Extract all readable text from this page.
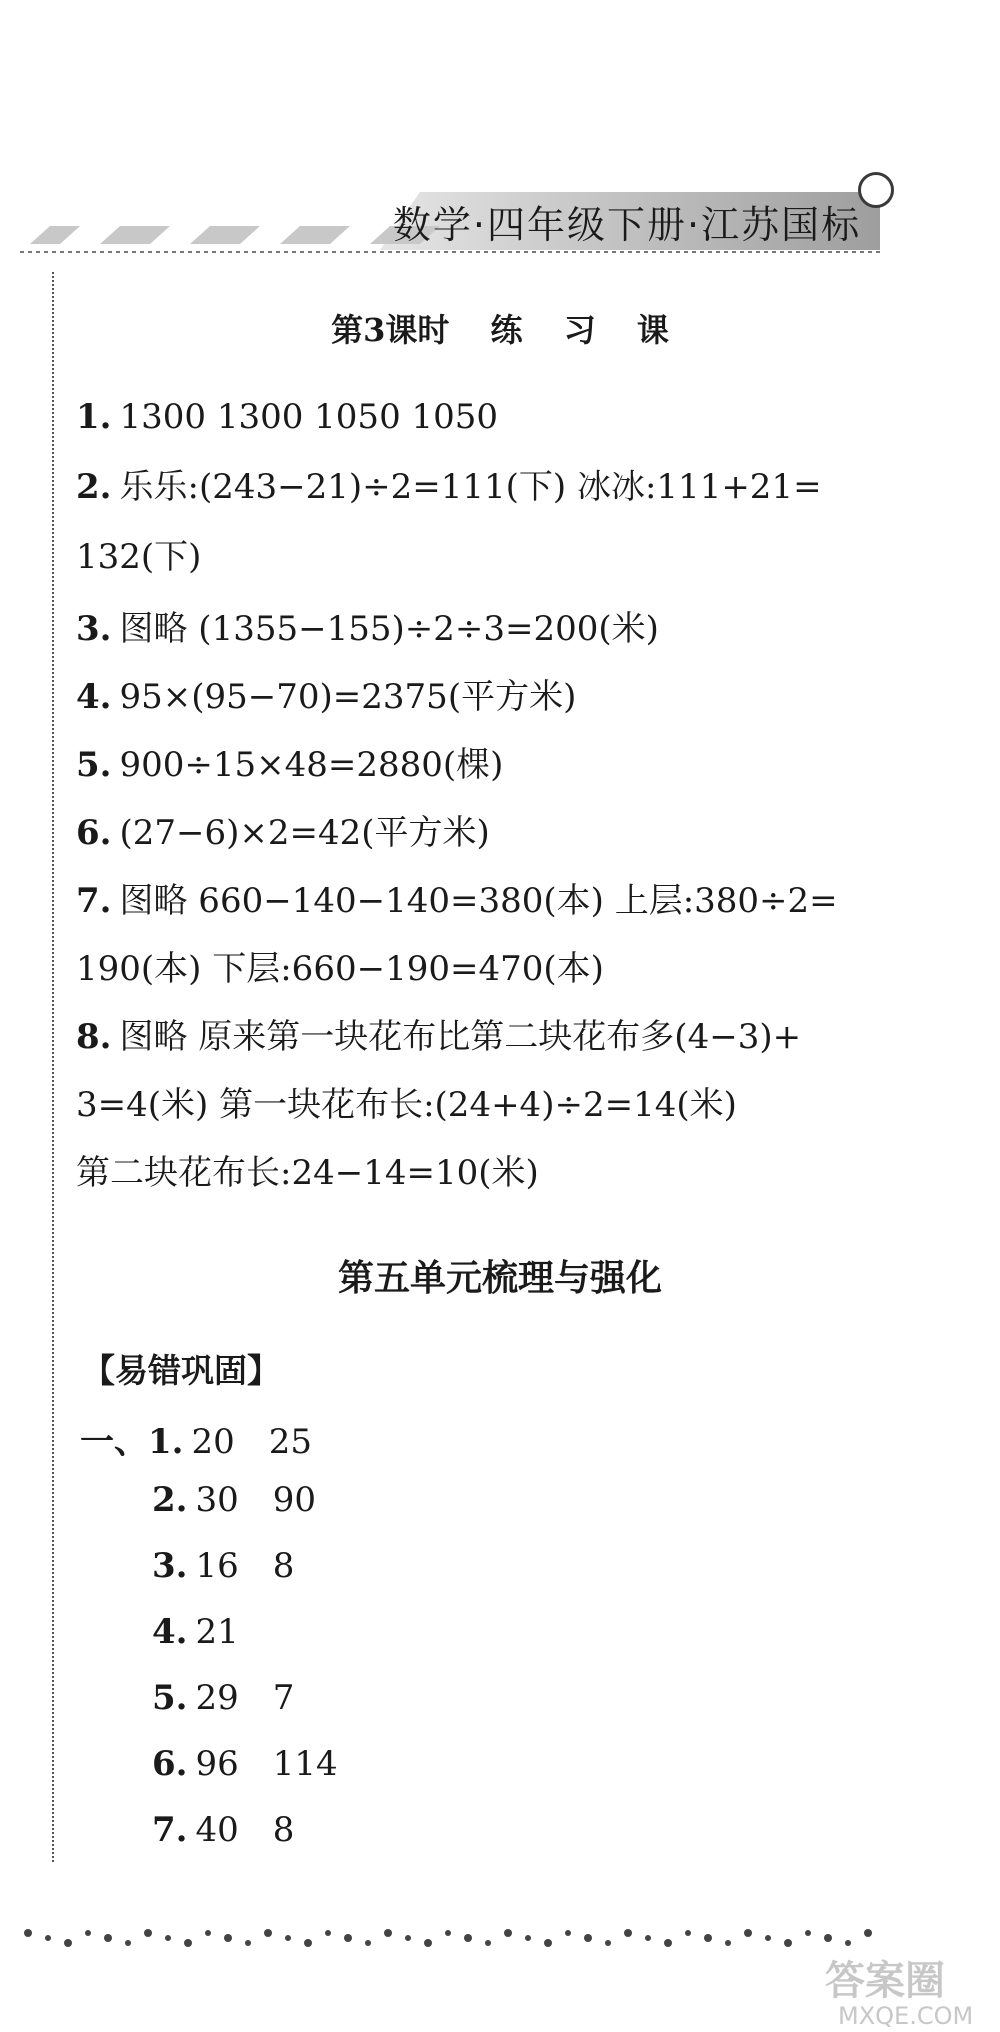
数学·四年级下册·江苏国标
第3课时 练 习 课
1. 1300 1300 1050 1050
2. 乐乐:(243−21)÷2=111(下) 冰冰:111+21=
132(下)
3. 图略 (1355−155)÷2÷3=200(米)
4. 95×(95−70)=2375(平方米)
5. 900÷15×48=2880(棵)
6. (27−6)×2=42(平方米)
7. 图略 660−140−140=380(本) 上层:380÷2=
190(本) 下层:660−190=470(本)
8. 图略 原来第一块花布比第二块花布多(4−3)+
3=4(米) 第一块花布长:(24+4)÷2=14(米)
第二块花布长:24−14=10(米)
第五单元梳理与强化
【易错巩固】
一、1. 20 25
2. 30 90
3. 16 8
4. 21
5. 29 7
6. 96 114
7. 40 8
答案圈
MXQE.COM
